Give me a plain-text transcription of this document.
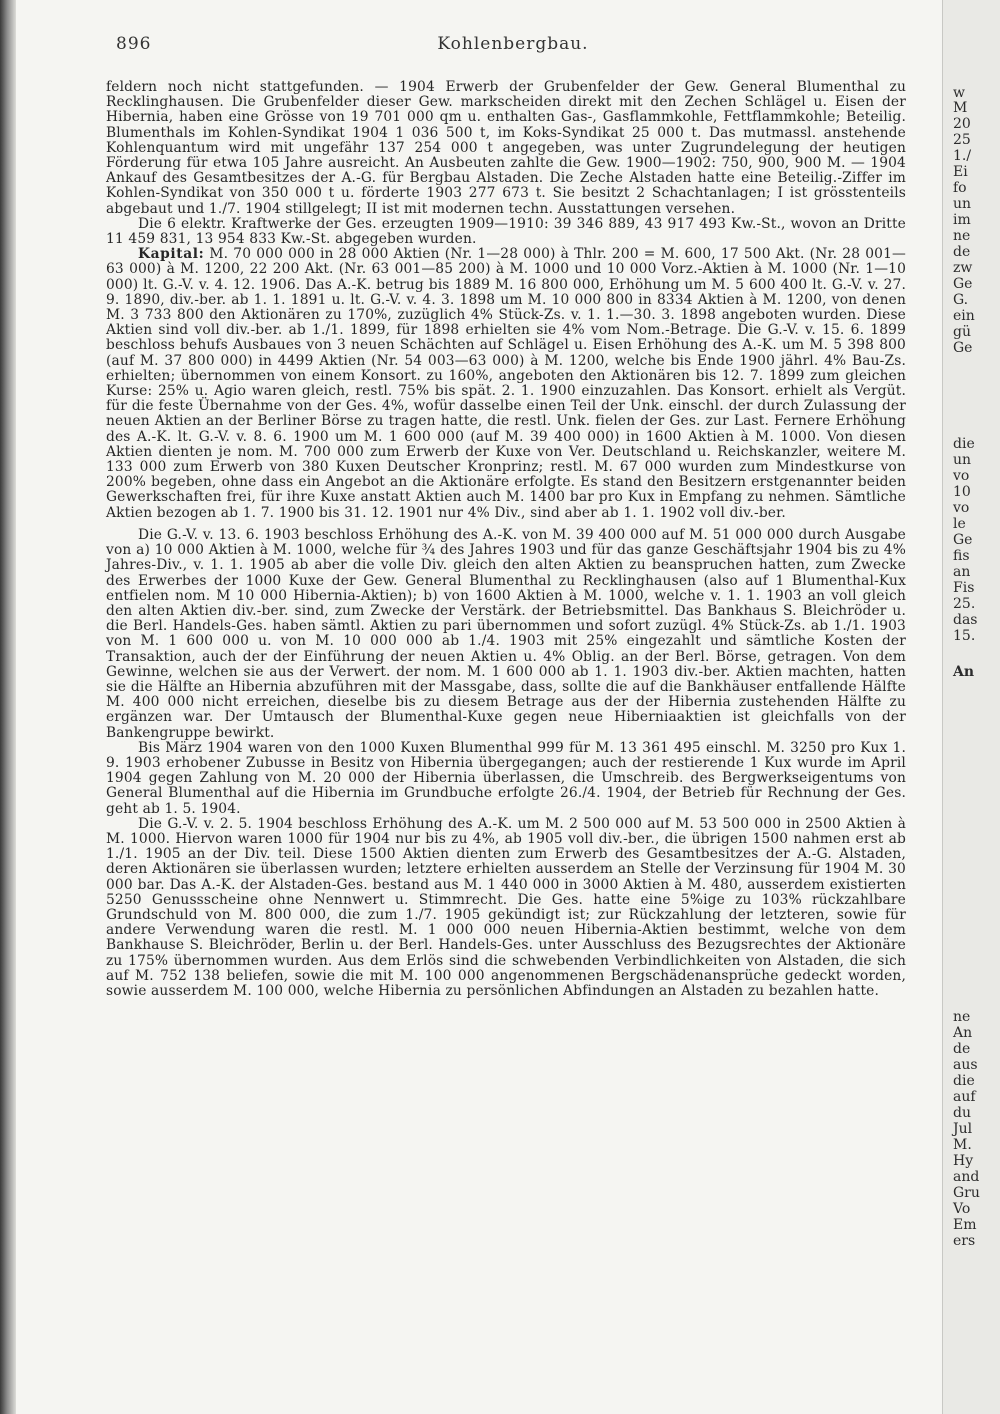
w
M
20
25
1./
Ei
fo
un
im
ne
de
zw
Ge
G.
ein
gü
Ge
die
un
vo
10
vo
le
Ge
fis
an
Fis
25.
das
15.
An
ne
An
de
aus
die
auf
du
Jul
M.
Hy
and
Gru
Vo
Em
ers
896	Kohlenbergbau.

feldern noch nicht stattgefunden. — 1904 Erwerb der Grubenfelder der Gew. General Blumenthal zu Recklinghausen. Die Grubenfelder dieser Gew. markscheiden direkt mit den Zechen Schlägel u. Eisen der Hibernia, haben eine Grösse von 19 701 000 qm u. enthalten Gas-, Gasflammkohle, Fettflammkohle; Beteilig. Blumenthals im Kohlen-Syndikat 1904 1 036 500 t, im Koks-Syndikat 25 000 t. Das mutmassl. anstehende Kohlenquantum wird mit ungefähr 137 254 000 t angegeben, was unter Zugrundelegung der heutigen Förderung für etwa 105 Jahre ausreicht. An Ausbeuten zahlte die Gew. 1900—1902: 750, 900, 900 M. — 1904 Ankauf des Gesamtbesitzes der A.-G. für Bergbau Alstaden. Die Zeche Alstaden hatte eine Beteilig.-Ziffer im Kohlen-Syndikat von 350 000 t u. förderte 1903 277 673 t. Sie besitzt 2 Schachtanlagen; I ist grösstenteils abgebaut und 1./7. 1904 stillgelegt; II ist mit modernen techn. Ausstattungen versehen.

Die 6 elektr. Kraftwerke der Ges. erzeugten 1909—1910: 39 346 889, 43 917 493 Kw.-St., wovon an Dritte 11 459 831, 13 954 833 Kw.-St. abgegeben wurden.

Kapital: M. 70 000 000 in 28 000 Aktien (Nr. 1—28 000) à Thlr. 200 = M. 600, 17 500 Akt. (Nr. 28 001—63 000) à M. 1200, 22 200 Akt. (Nr. 63 001—85 200) à M. 1000 und 10 000 Vorz.-Aktien à M. 1000 (Nr. 1—10 000) lt. G.-V. v. 4. 12. 1906. Das A.-K. betrug bis 1889 M. 16 800 000, Erhöhung um M. 5 600 400 lt. G.-V. v. 27. 9. 1890, div.-ber. ab 1. 1. 1891 u. lt. G.-V. v. 4. 3. 1898 um M. 10 000 800 in 8334 Aktien à M. 1200, von denen M. 3 733 800 den Aktionären zu 170%, zuzüglich 4% Stück-Zs. v. 1. 1.—30. 3. 1898 angeboten wurden. Diese Aktien sind voll div.-ber. ab 1./1. 1899, für 1898 erhielten sie 4% vom Nom.-Betrage. Die G.-V. v. 15. 6. 1899 beschloss behufs Ausbaues von 3 neuen Schächten auf Schlägel u. Eisen Erhöhung des A.-K. um M. 5 398 800 (auf M. 37 800 000) in 4499 Aktien (Nr. 54 003—63 000) à M. 1200, welche bis Ende 1900 jährl. 4% Bau-Zs. erhielten; übernommen von einem Konsort. zu 160%, angeboten den Aktionären bis 12. 7. 1899 zum gleichen Kurse: 25% u. Agio waren gleich, restl. 75% bis spät. 2. 1. 1900 einzuzahlen. Das Konsort. erhielt als Vergüt. für die feste Übernahme von der Ges. 4%, wofür dasselbe einen Teil der Unk. einschl. der durch Zulassung der neuen Aktien an der Berliner Börse zu tragen hatte, die restl. Unk. fielen der Ges. zur Last. Fernere Erhöhung des A.-K. lt. G.-V. v. 8. 6. 1900 um M. 1 600 000 (auf M. 39 400 000) in 1600 Aktien à M. 1000. Von diesen Aktien dienten je nom. M. 700 000 zum Erwerb der Kuxe von Ver. Deutschland u. Reichskanzler, weitere M. 133 000 zum Erwerb von 380 Kuxen Deutscher Kronprinz; restl. M. 67 000 wurden zum Mindestkurse von 200% begeben, ohne dass ein Angebot an die Aktionäre erfolgte. Es stand den Besitzern erstgenannter beiden Gewerkschaften frei, für ihre Kuxe anstatt Aktien auch M. 1400 bar pro Kux in Empfang zu nehmen. Sämtliche Aktien bezogen ab 1. 7. 1900 bis 31. 12. 1901 nur 4% Div., sind aber ab 1. 1. 1902 voll div.-ber.

Die G.-V. v. 13. 6. 1903 beschloss Erhöhung des A.-K. von M. 39 400 000 auf M. 51 000 000 durch Ausgabe von a) 10 000 Aktien à M. 1000, welche für ¾ des Jahres 1903 und für das ganze Geschäftsjahr 1904 bis zu 4% Jahres-Div., v. 1. 1. 1905 ab aber die volle Div. gleich den alten Aktien zu beanspruchen hatten, zum Zwecke des Erwerbes der 1000 Kuxe der Gew. General Blumenthal zu Recklinghausen (also auf 1 Blumenthal-Kux entfielen nom. M 10 000 Hibernia-Aktien); b) von 1600 Aktien à M. 1000, welche v. 1. 1. 1903 an voll gleich den alten Aktien div.-ber. sind, zum Zwecke der Verstärk. der Betriebsmittel. Das Bankhaus S. Bleichröder u. die Berl. Handels-Ges. haben sämtl. Aktien zu pari übernommen und sofort zuzügl. 4% Stück-Zs. ab 1./1. 1903 von M. 1 600 000 u. von M. 10 000 000 ab 1./4. 1903 mit 25% eingezahlt und sämtliche Kosten der Transaktion, auch der der Einführung der neuen Aktien u. 4% Oblig. an der Berl. Börse, getragen. Von dem Gewinne, welchen sie aus der Verwert. der nom. M. 1 600 000 ab 1. 1. 1903 div.-ber. Aktien machten, hatten sie die Hälfte an Hibernia abzuführen mit der Massgabe, dass, sollte die auf die Bankhäuser entfallende Hälfte M. 400 000 nicht erreichen, dieselbe bis zu diesem Betrage aus der der Hibernia zustehenden Hälfte zu ergänzen war. Der Umtausch der Blumenthal-Kuxe gegen neue Hiberniaaktien ist gleichfalls von der Bankengruppe bewirkt.

Bis März 1904 waren von den 1000 Kuxen Blumenthal 999 für M. 13 361 495 einschl. M. 3250 pro Kux 1. 9. 1903 erhobener Zubusse in Besitz von Hibernia übergegangen; auch der restierende 1 Kux wurde im April 1904 gegen Zahlung von M. 20 000 der Hibernia überlassen, die Umschreib. des Bergwerkseigentums von General Blumenthal auf die Hibernia im Grundbuche erfolgte 26./4. 1904, der Betrieb für Rechnung der Ges. geht ab 1. 5. 1904.

Die G.-V. v. 2. 5. 1904 beschloss Erhöhung des A.-K. um M. 2 500 000 auf M. 53 500 000 in 2500 Aktien à M. 1000. Hiervon waren 1000 für 1904 nur bis zu 4%, ab 1905 voll div.-ber., die übrigen 1500 nahmen erst ab 1./1. 1905 an der Div. teil. Diese 1500 Aktien dienten zum Erwerb des Gesamtbesitzes der A.-G. Alstaden, deren Aktionären sie überlassen wurden; letztere erhielten ausserdem an Stelle der Verzinsung für 1904 M. 30 000 bar. Das A.-K. der Alstaden-Ges. bestand aus M. 1 440 000 in 3000 Aktien à M. 480, ausserdem existierten 5250 Genussscheine ohne Nennwert u. Stimmrecht. Die Ges. hatte eine 5%ige zu 103% rückzahlbare Grundschuld von M. 800 000, die zum 1./7. 1905 gekündigt ist; zur Rückzahlung der letzteren, sowie für andere Verwendung waren die restl. M. 1 000 000 neuen Hibernia-Aktien bestimmt, welche von dem Bankhause S. Bleichröder, Berlin u. der Berl. Handels-Ges. unter Ausschluss des Bezugsrechtes der Aktionäre zu 175% übernommen wurden. Aus dem Erlös sind die schwebenden Verbindlichkeiten von Alstaden, die sich auf M. 752 138 beliefen, sowie die mit M. 100 000 angenommenen Bergschädenansprüche gedeckt worden, sowie ausserdem M. 100 000, welche Hibernia zu persönlichen Abfindungen an Alstaden zu bezahlen hatte.
